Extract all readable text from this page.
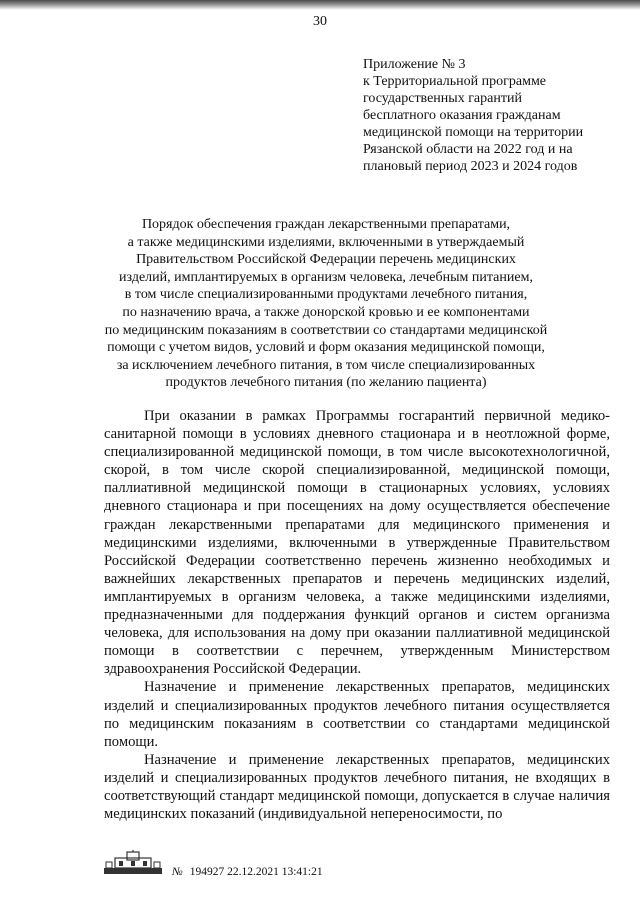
30
Приложение № 3
к Территориальной программе
государственных гарантий
бесплатного оказания гражданам
медицинской помощи на территории
Рязанской области на 2022 год и на
плановый период 2023 и 2024 годов
Порядок обеспечения граждан лекарственными препаратами,
а также медицинскими изделиями, включенными в утверждаемый
Правительством Российской Федерации перечень медицинских
изделий, имплантируемых в организм человека, лечебным питанием,
в том числе специализированными продуктами лечебного питания,
по назначению врача, а также донорской кровью и ее компонентами
по медицинским показаниям в соответствии со стандартами медицинской
помощи с учетом видов, условий и форм оказания медицинской помощи,
за исключением лечебного питания, в том числе специализированных
продуктов лечебного питания (по желанию пациента)

При оказании в рамках Программы госгарантий первичной медико-санитарной помощи в условиях дневного стационара и в неотложной форме, специализированной медицинской помощи, в том числе высокотехнологичной, скорой, в том числе скорой специализированной, медицинской помощи, паллиативной медицинской помощи в стационарных условиях, условиях дневного стационара и при посещениях на дому осуществляется обеспечение граждан лекарственными препаратами для медицинского применения и медицинскими изделиями, включенными в утвержденные Правительством Российской Федерации соответственно перечень жизненно необходимых и важнейших лекарственных препаратов и перечень медицинских изделий, имплантируемых в организм человека, а также медицинскими изделиями, предназначенными для поддержания функций органов и систем организма человека, для использования на дому при оказании паллиативной медицинской помощи в соответствии с перечнем, утвержденным Министерством здравоохранения Российской Федерации.

Назначение и применение лекарственных препаратов, медицинских изделий и специализированных продуктов лечебного питания осуществляется по медицинским показаниям в соответствии со стандартами медицинской помощи.

Назначение и применение лекарственных препаратов, медицинских изделий и специализированных продуктов лечебного питания, не входящих в соответствующий стандарт медицинской помощи, допускается в случае наличия медицинских показаний (индивидуальной непереносимости, по

№ 194927 22.12.2021 13:41:21
